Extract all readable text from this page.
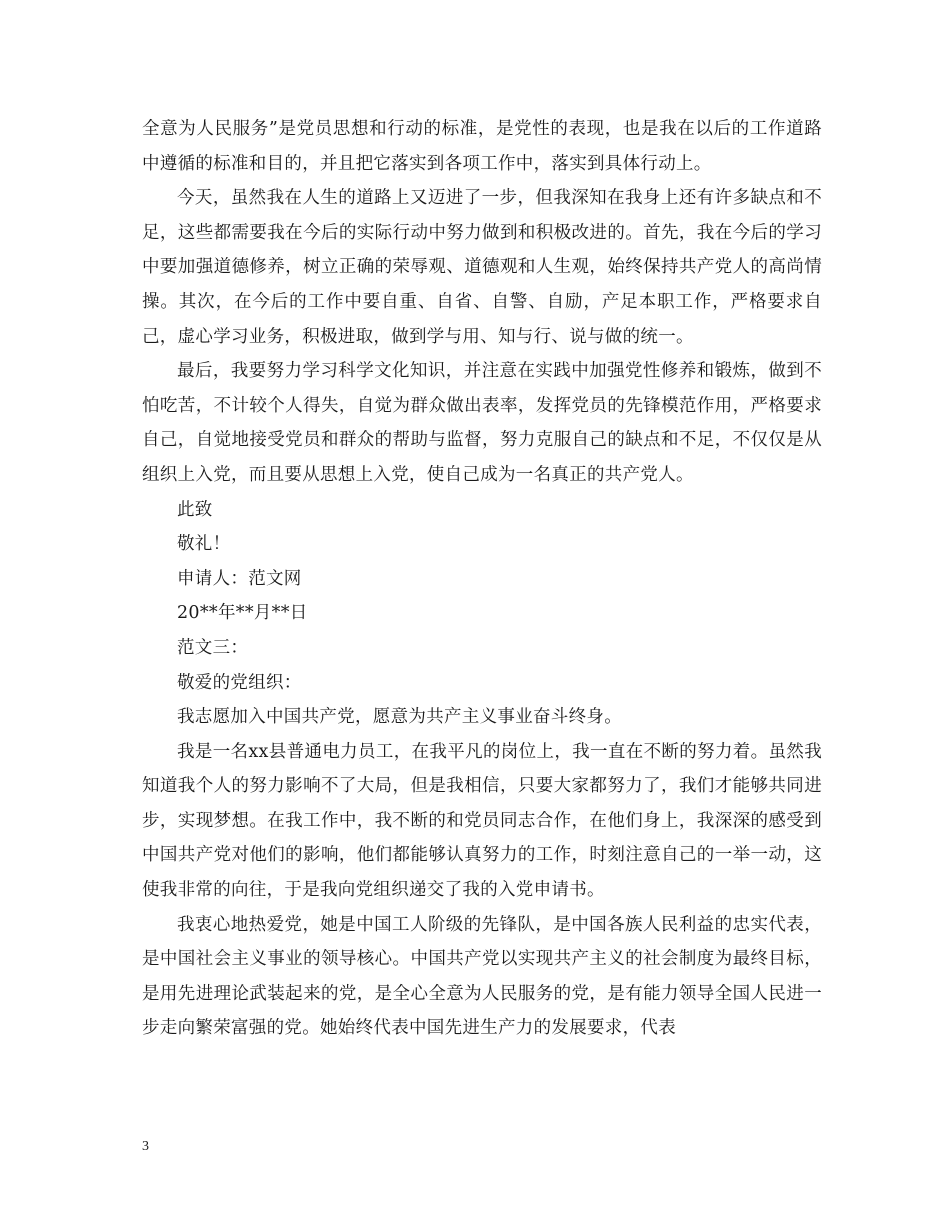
全意为人民服务”是党员思想和行动的标准，是党性的表现，也是我在以后的工作道路中遵循的标准和目的，并且把它落实到各项工作中，落实到具体行动上。

今天，虽然我在人生的道路上又迈进了一步，但我深知在我身上还有许多缺点和不足，这些都需要我在今后的实际行动中努力做到和积极改进的。首先，我在今后的学习中要加强道德修养，树立正确的荣辱观、道德观和人生观，始终保持共产党人的高尚情操。其次，在今后的工作中要自重、自省、自警、自励，产足本职工作，严格要求自己，虚心学习业务，积极进取，做到学与用、知与行、说与做的统一。

最后，我要努力学习科学文化知识，并注意在实践中加强党性修养和锻炼，做到不怕吃苦，不计较个人得失，自觉为群众做出表率，发挥党员的先锋模范作用，严格要求自己，自觉地接受党员和群众的帮助与监督，努力克服自己的缺点和不足，不仅仅是从组织上入党，而且要从思想上入党，使自己成为一名真正的共产党人。

此致

敬礼！

申请人：范文网

20**年**月**日

范文三：

敬爱的党组织：

我志愿加入中国共产党，愿意为共产主义事业奋斗终身。

我是一名xx县普通电力员工，在我平凡的岗位上，我一直在不断的努力着。虽然我知道我个人的努力影响不了大局，但是我相信，只要大家都努力了，我们才能够共同进步，实现梦想。在我工作中，我不断的和党员同志合作，在他们身上，我深深的感受到中国共产党对他们的影响，他们都能够认真努力的工作，时刻注意自己的一举一动，这使我非常的向往，于是我向党组织递交了我的入党申请书。

我衷心地热爱党，她是中国工人阶级的先锋队，是中国各族人民利益的忠实代表，是中国社会主义事业的领导核心。中国共产党以实现共产主义的社会制度为最终目标，是用先进理论武装起来的党，是全心全意为人民服务的党，是有能力领导全国人民进一步走向繁荣富强的党。她始终代表中国先进生产力的发展要求，代表

3
